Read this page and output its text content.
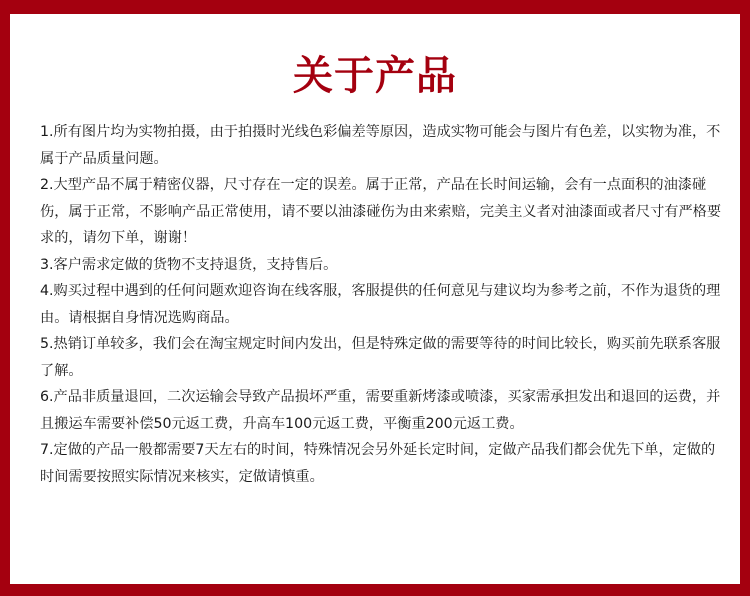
关于产品

1.所有图片均为实物拍摄，由于拍摄时光线色彩偏差等原因，造成实物可能会与图片有色差，以实物为准，不属于产品质量问题。

2.大型产品不属于精密仪器，尺寸存在一定的误差。属于正常，产品在长时间运输，会有一点面积的油漆碰伤，属于正常，不影响产品正常使用，请不要以油漆碰伤为由来索赔，完美主义者对油漆面或者尺寸有严格要求的，请勿下单，谢谢！

3.客户需求定做的货物不支持退货，支持售后。

4.购买过程中遇到的任何问题欢迎咨询在线客服，客服提供的任何意见与建议均为参考之前，不作为退货的理由。请根据自身情况选购商品。

5.热销订单较多，我们会在淘宝规定时间内发出，但是特殊定做的需要等待的时间比较长，购买前先联系客服了解。

6.产品非质量退回，二次运输会导致产品损坏严重，需要重新烤漆或喷漆，买家需承担发出和退回的运费，并且搬运车需要补偿50元返工费，升高车100元返工费，平衡重200元返工费。

7.定做的产品一般都需要7天左右的时间，特殊情况会另外延长定时间，定做产品我们都会优先下单，定做的时间需要按照实际情况来核实，定做请慎重。
